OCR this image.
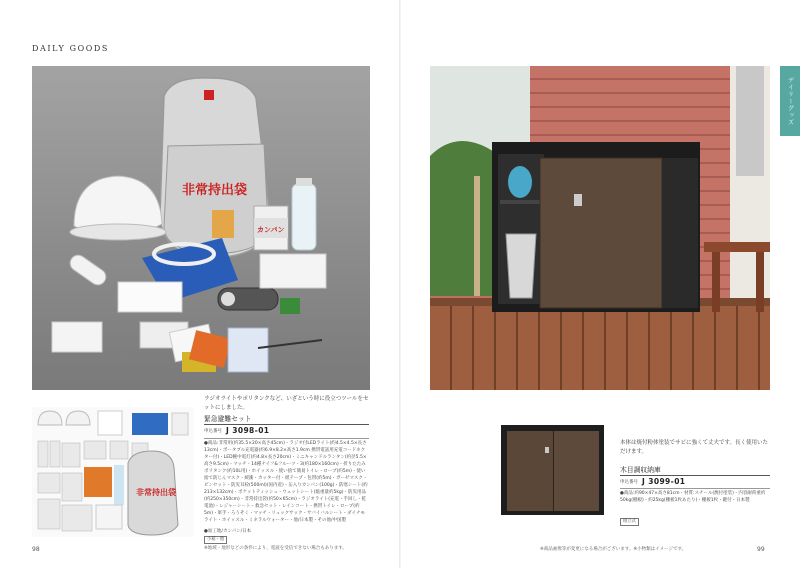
DAILY GOODS
非常持出袋
カンパン
ラジオライトやポリタンクなど、いざという時に役立つツールをセットにしました。
非常持出袋
緊急避難セット
申込番号 J 3098-01
●商品:非常用(約35.5×20×高さ45cm)・ラジオ付LEDライト(約4.5×4.5×長さ13cm)・ポータブル充電器(約6.9×8.2×高さ1.9cm 携帯電話用充電コードネクター付)・LED腕中電灯(約4.8×長さ20cm)・ミニキャンドルランタン(約径5.5×高さ9.5cm)・マッチ・14種ナイフ&フルーツ・3(約180×160cm)・折りたたみポリタンク(約10L用)・ホイッスル・使い捨て簡易トイレ・ロープ(約5m)・使い捨て防じんマスク・緩衝・カッター付・紙テープ・包帯(約5m)・ガーゼマスク・ビンセット・防災耳栓(500ml)(国内産)・缶入りカンパン(100g)・防寒シート(約213×132cm)・ポケットティッシュ・ウェットシート(総重量約5kg)・防災用品(約250×350cm)・非常持出袋(約50×65cm)・ラジオライト(充電・手回し・乾電池)・レジャーシート・救急セット・レインコート・携帯トイレ・ロープ(約5m)・軍手・ろうそく・マッチ・リュックサック・サバイバルシート・ダイナモライト・ホイッスル・ミネラルウォーター・他/日本製・その他/中国製
●加工地/カンパン/日本
小箱・他
※地域・地形などの条件により、電波を受信できない場合もあります。
98
デイリーグッズ
本体は焼付粉体塗装でサビに強くて丈夫です。長く使用いただけます。
木目調収納庫
申込番号 J 3099-01
●商品:約90×47×高さ81cm・材質:スチール(焼付塗装)・内容耐荷重約50kg(棚板)・約25kg(棚板1枚あたり)・棚板1枚・鍵付・日本製
組立式
※商品画像等が変更になる場合がございます。※小物類はイメージです。	99
